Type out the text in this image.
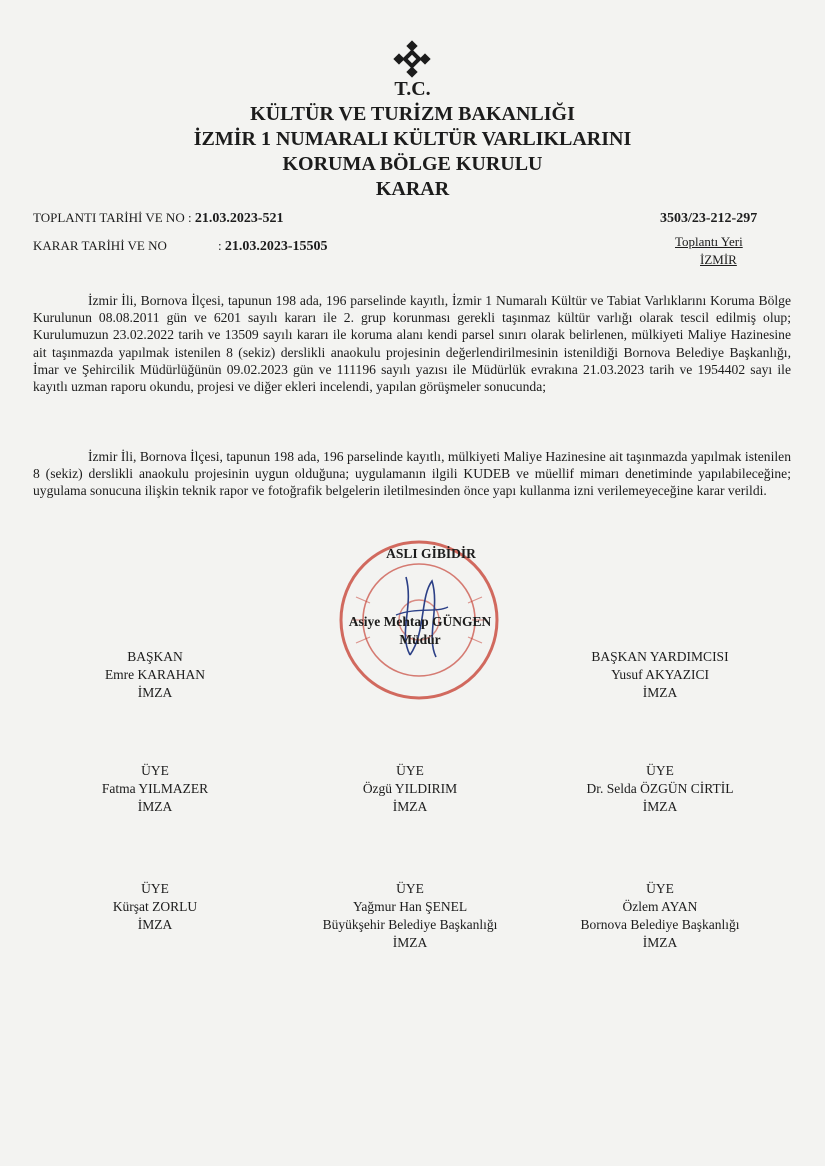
T.C.
KÜLTÜR VE TURİZM BAKANLIĞI
İZMİR 1 NUMARALI KÜLTÜR VARLIKLARINI
KORUMA BÖLGE KURULU
KARAR
TOPLANTI TARİHİ VE NO : 21.03.2023-521	3503/23-212-297
KARAR TARİHİ VE NO	: 21.03.2023-15505	Toplantı Yeri
İZMİR
İzmir İli, Bornova İlçesi, tapunun 198 ada, 196 parselinde kayıtlı, İzmir 1 Numaralı Kültür ve Tabiat Varlıklarını Koruma Bölge Kurulunun 08.08.2011 gün ve 6201 sayılı kararı ile 2. grup korunması gerekli taşınmaz kültür varlığı olarak tescil edilmiş olup; Kurulumuzun 23.02.2022 tarih ve 13509 sayılı kararı ile koruma alanı kendi parsel sınırı olarak belirlenen, mülkiyeti Maliye Hazinesine ait taşınmazda yapılmak istenilen 8 (sekiz) derslikli anaokulu projesinin değerlendirilmesinin istenildiği Bornova Belediye Başkanlığı, İmar ve Şehircilik Müdürlüğünün 09.02.2023 gün ve 111196 sayılı yazısı ile Müdürlük evrakına 21.03.2023 tarih ve 1954402 sayı ile kayıtlı uzman raporu okundu, projesi ve diğer ekleri incelendi, yapılan görüşmeler sonucunda;
İzmir İli, Bornova İlçesi, tapunun 198 ada, 196 parselinde kayıtlı, mülkiyeti Maliye Hazinesine ait taşınmazda yapılmak istenilen 8 (sekiz) derslikli anaokulu projesinin uygun olduğuna; uygulamanın ilgili KUDEB ve müellif mimarı denetiminde yapılabileceğine; uygulama sonucuna ilişkin teknik rapor ve fotoğrafik belgelerin iletilmesinden önce yapı kullanma izni verilemeyeceğine karar verildi.
ASLI GİBİDİR
Asiye Mehtap GÜNGEN
Müdür
BAŞKAN
Emre KARAHAN
İMZA
BAŞKAN YARDIMCISI
Yusuf AKYAZICI
İMZA
ÜYE
Fatma YILMAZER
İMZA
ÜYE
Özgü YILDIRIM
İMZA
ÜYE
Dr. Selda ÖZGÜN CİRTİL
İMZA
ÜYE
Kürşat ZORLU
İMZA
ÜYE
Yağmur Han ŞENEL
Büyükşehir Belediye Başkanlığı
İMZA
ÜYE
Özlem AYAN
Bornova Belediye Başkanlığı
İMZA
